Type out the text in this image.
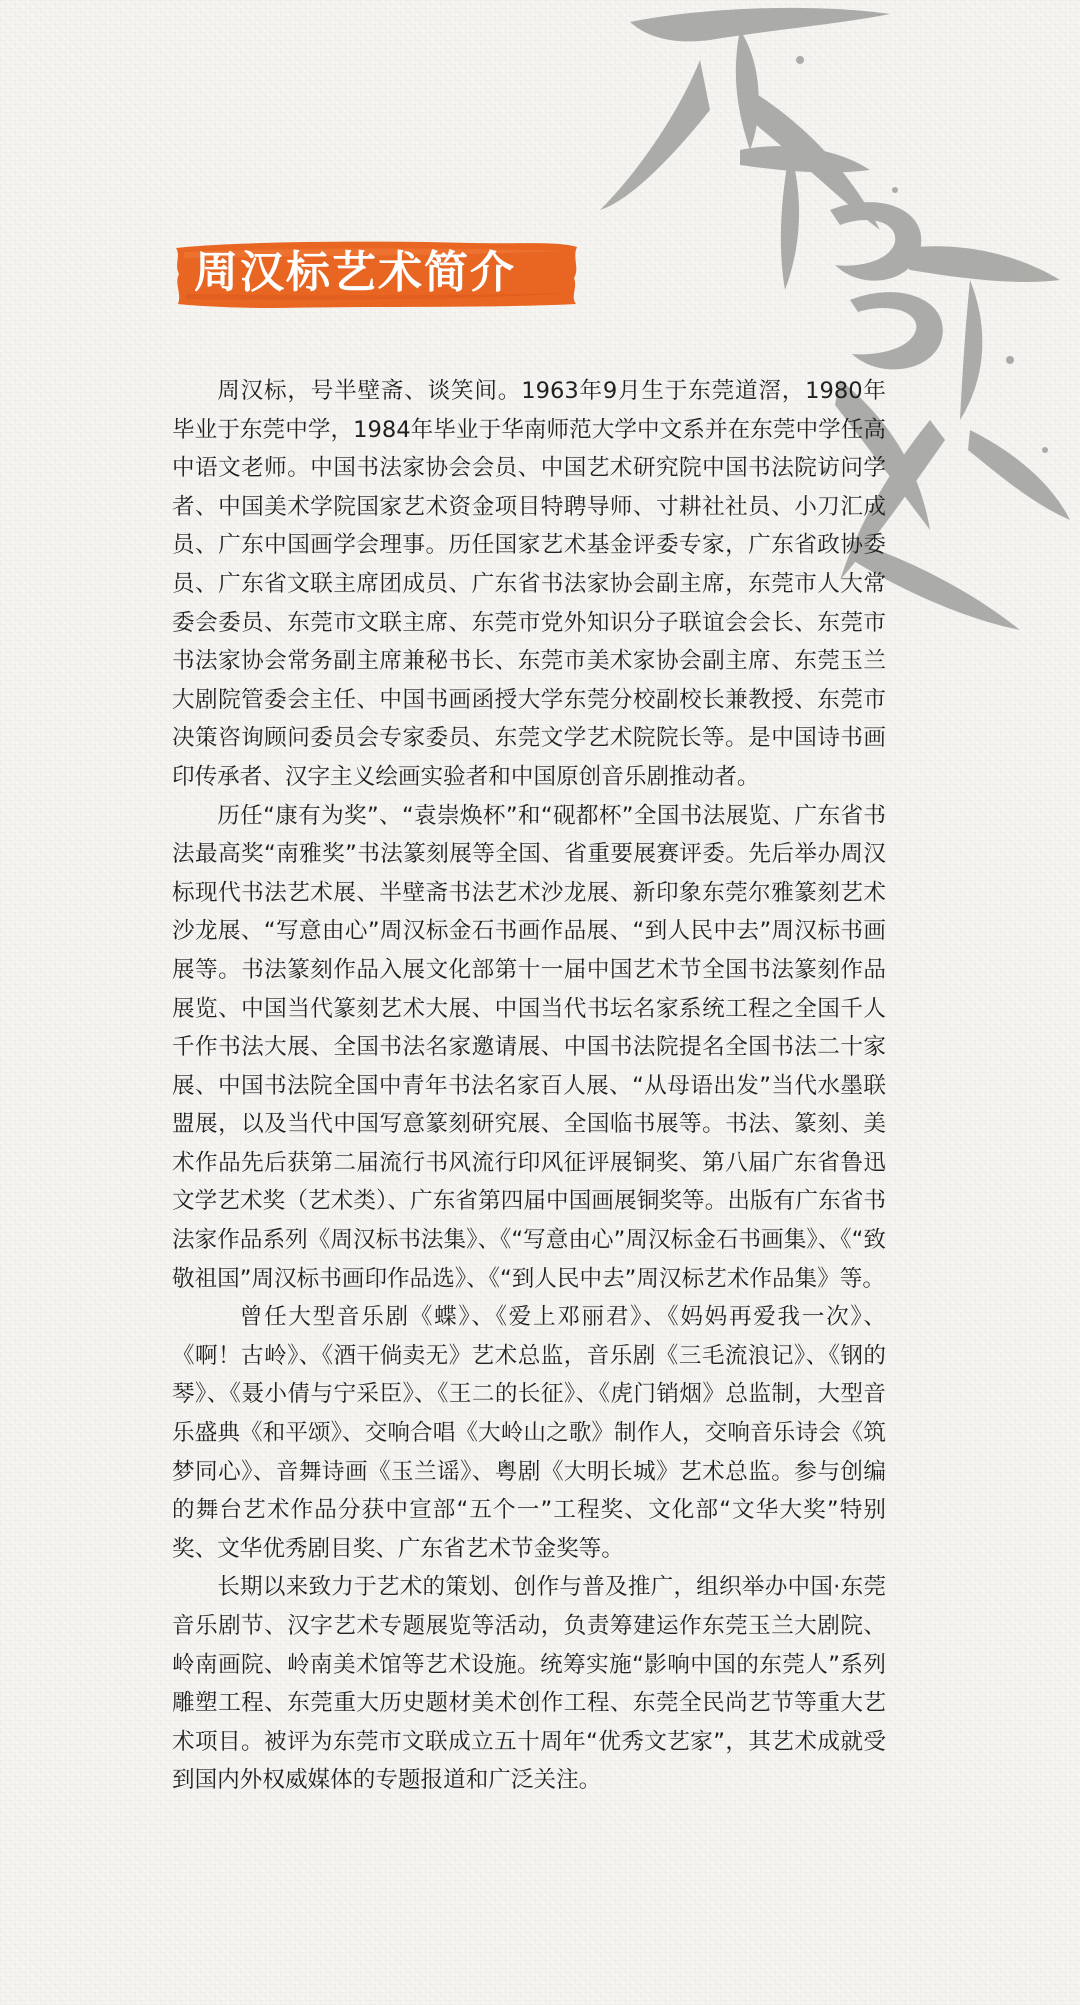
周汉标艺术简介

周汉标，号半壁斋、谈笑间。1963年9月生于东莞道滘，1980年毕业于东莞中学，1984年毕业于华南师范大学中文系并在东莞中学任高中语文老师。中国书法家协会会员、中国艺术研究院中国书法院访问学者、中国美术学院国家艺术资金项目特聘导师、寸耕社社员、小刀汇成员、广东中国画学会理事。历任国家艺术基金评委专家，广东省政协委员、广东省文联主席团成员、广东省书法家协会副主席，东莞市人大常委会委员、东莞市文联主席、东莞市党外知识分子联谊会会长、东莞市书法家协会常务副主席兼秘书长、东莞市美术家协会副主席、东莞玉兰大剧院管委会主任、中国书画函授大学东莞分校副校长兼教授、东莞市决策咨询顾问委员会专家委员、东莞文学艺术院院长等。是中国诗书画印传承者、汉字主义绘画实验者和中国原创音乐剧推动者。

历任“康有为奖”、“袁崇焕杯”和“砚都杯”全国书法展览、广东省书法最高奖“南雅奖”书法篆刻展等全国、省重要展赛评委。先后举办周汉标现代书法艺术展、半壁斋书法艺术沙龙展、新印象东莞尔雅篆刻艺术沙龙展、“写意由心”周汉标金石书画作品展、“到人民中去”周汉标书画展等。书法篆刻作品入展文化部第十一届中国艺术节全国书法篆刻作品展览、中国当代篆刻艺术大展、中国当代书坛名家系统工程之全国千人千作书法大展、全国书法名家邀请展、中国书法院提名全国书法二十家展、中国书法院全国中青年书法名家百人展、“从母语出发”当代水墨联盟展，以及当代中国写意篆刻研究展、全国临书展等。书法、篆刻、美术作品先后获第二届流行书风流行印风征评展铜奖、第八届广东省鲁迅文学艺术奖（艺术类）、广东省第四届中国画展铜奖等。出版有广东省书法家作品系列《周汉标书法集》、《“写意由心”周汉标金石书画集》、《“致敬祖国”周汉标书画印作品选》、《“到人民中去”周汉标艺术作品集》等。

曾任大型音乐剧《蝶》、《爱上邓丽君》、《妈妈再爱我一次》、《啊！古岭》、《酒干倘卖无》艺术总监，音乐剧《三毛流浪记》、《钢的琴》、《聂小倩与宁采臣》、《王二的长征》、《虎门销烟》总监制，大型音乐盛典《和平颂》、交响合唱《大岭山之歌》制作人，交响音乐诗会《筑梦同心》、音舞诗画《玉兰谣》、粤剧《大明长城》艺术总监。参与创编的舞台艺术作品分获中宣部“五个一”工程奖、文化部“文华大奖”特别奖、文华优秀剧目奖、广东省艺术节金奖等。

长期以来致力于艺术的策划、创作与普及推广，组织举办中国·东莞音乐剧节、汉字艺术专题展览等活动，负责筹建运作东莞玉兰大剧院、岭南画院、岭南美术馆等艺术设施。统筹实施“影响中国的东莞人”系列雕塑工程、东莞重大历史题材美术创作工程、东莞全民尚艺节等重大艺术项目。被评为东莞市文联成立五十周年“优秀文艺家”，其艺术成就受到国内外权威媒体的专题报道和广泛关注。
